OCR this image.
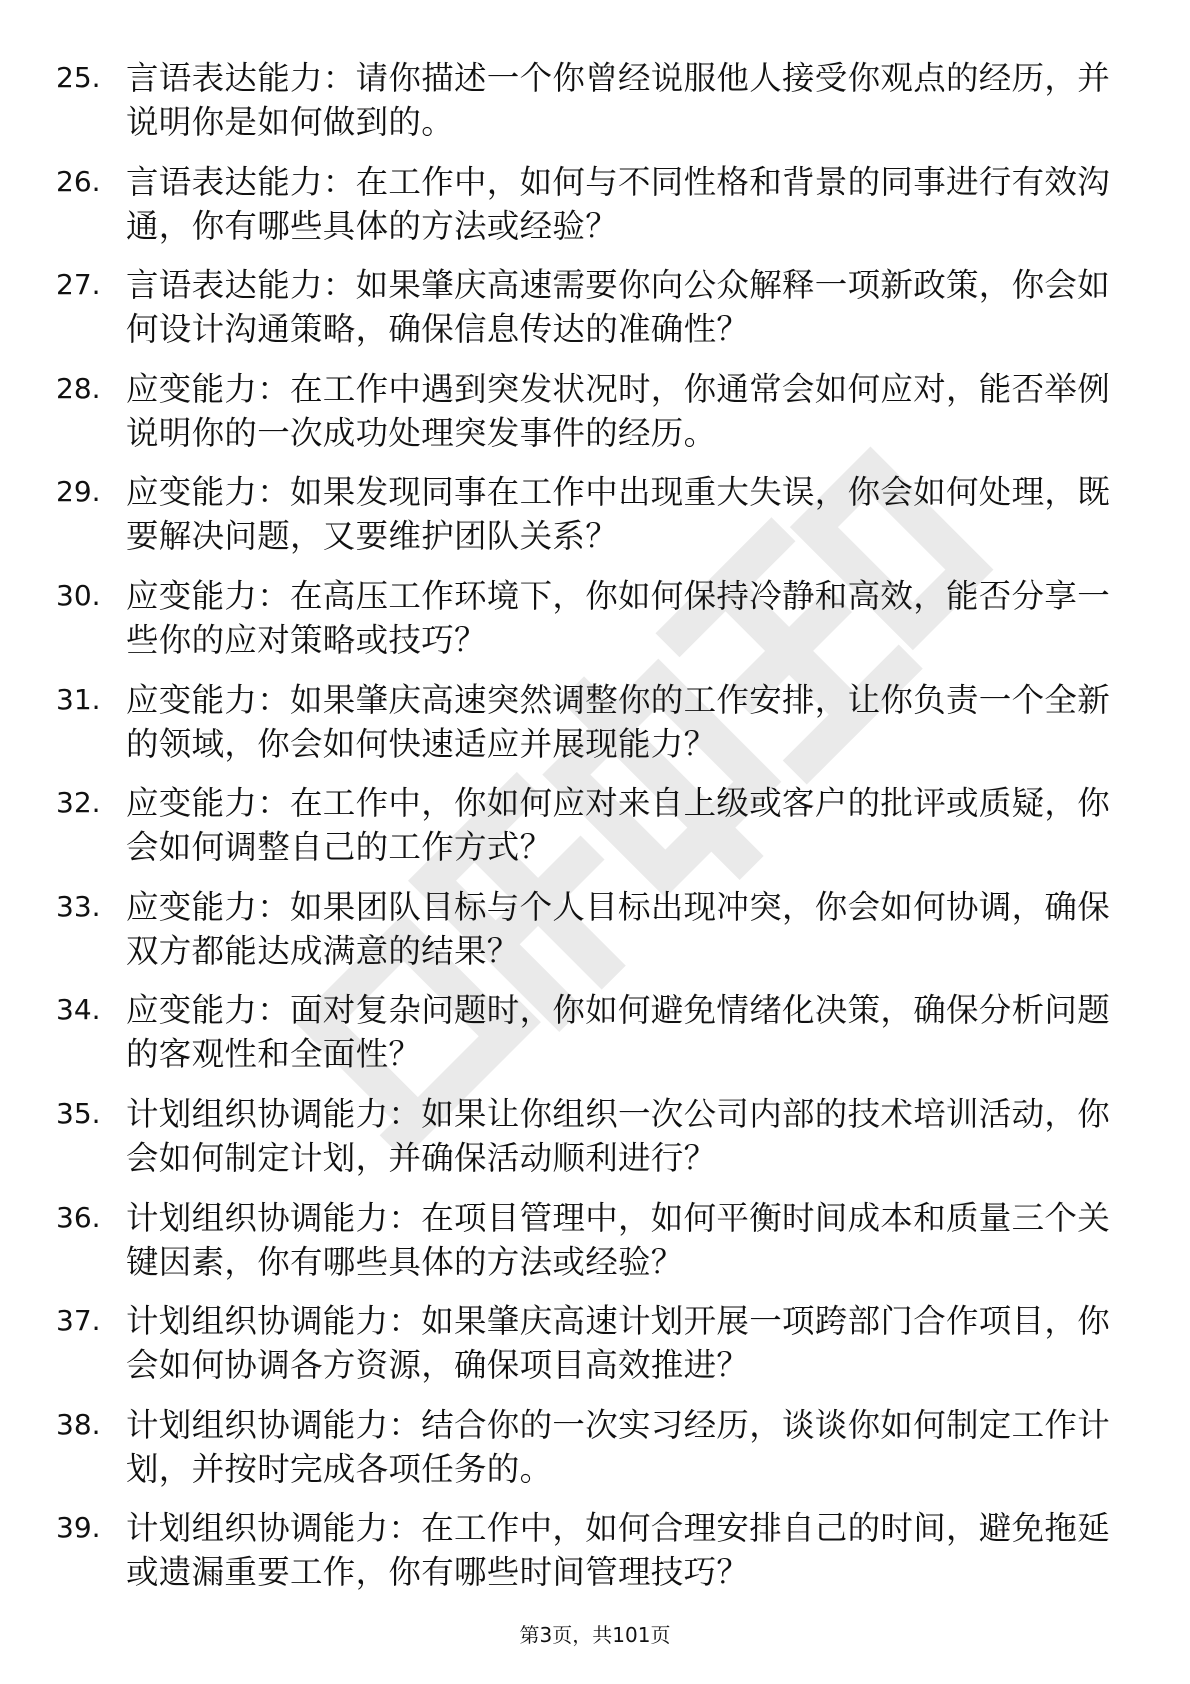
25. 言语表达能力：请你描述一个你曾经说服他人接受你观点的经历，并说明你是如何做到的。
26. 言语表达能力：在工作中，如何与不同性格和背景的同事进行有效沟通，你有哪些具体的方法或经验？
27. 言语表达能力：如果肇庆高速需要你向公众解释一项新政策，你会如何设计沟通策略，确保信息传达的准确性？
28. 应变能力：在工作中遇到突发状况时，你通常会如何应对，能否举例说明你的一次成功处理突发事件的经历。
29. 应变能力：如果发现同事在工作中出现重大失误，你会如何处理，既要解决问题，又要维护团队关系？
30. 应变能力：在高压工作环境下，你如何保持冷静和高效，能否分享一些你的应对策略或技巧？
31. 应变能力：如果肇庆高速突然调整你的工作安排，让你负责一个全新的领域，你会如何快速适应并展现能力？
32. 应变能力：在工作中，你如何应对来自上级或客户的批评或质疑，你会如何调整自己的工作方式？
33. 应变能力：如果团队目标与个人目标出现冲突，你会如何协调，确保双方都能达成满意的结果？
34. 应变能力：面对复杂问题时，你如何避免情绪化决策，确保分析问题的客观性和全面性？
35. 计划组织协调能力：如果让你组织一次公司内部的技术培训活动，你会如何制定计划，并确保活动顺利进行？
36. 计划组织协调能力：在项目管理中，如何平衡时间成本和质量三个关键因素，你有哪些具体的方法或经验？
37. 计划组织协调能力：如果肇庆高速计划开展一项跨部门合作项目，你会如何协调各方资源，确保项目高效推进？
38. 计划组织协调能力：结合你的一次实习经历，谈谈你如何制定工作计划，并按时完成各项任务的。
39. 计划组织协调能力：在工作中，如何合理安排自己的时间，避免拖延或遗漏重要工作，你有哪些时间管理技巧？
第3页，共101页
